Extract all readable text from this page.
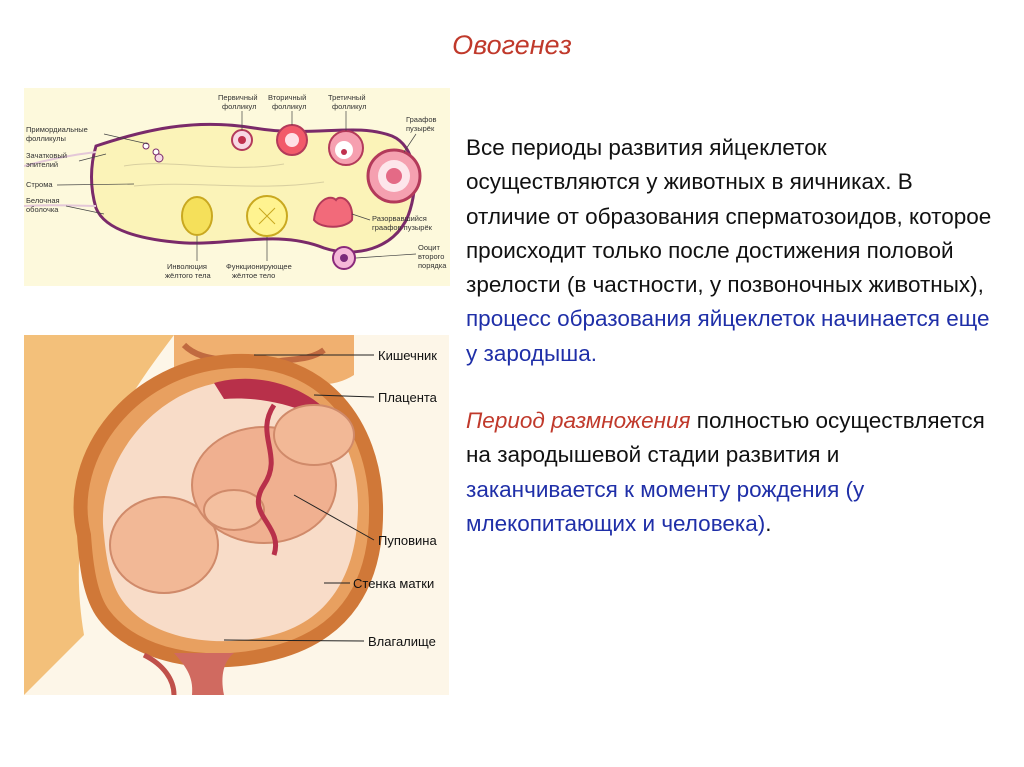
Овогенез
Примордиальные
фолликулы
Зачатковый
эпителий
Строма
Белочная
оболочка
Первичный
фолликул
Вторичный
фолликул
Третичный
фолликул
Граафов
пузырёк
Разорвавшийся
граафов пузырёк
Ооцит
второго
порядка
Инволюция
жёлтого тела
Функционирующее
жёлтое тело
Кишечник
Плацента
Пуповина
Стенка матки
Влагалище

Все периоды развития яйцеклеток осуществляются у животных в яичниках. В отличие от образования сперматозоидов, которое происходит только после достижения половой зрелости (в частности, у позвоночных животных), процесс образования яйцеклеток начинается еще у зародыша.

Период размножения полностью осуществляется на зародышевой стадии развития и заканчивается к моменту рождения (у млекопитающих и человека).
